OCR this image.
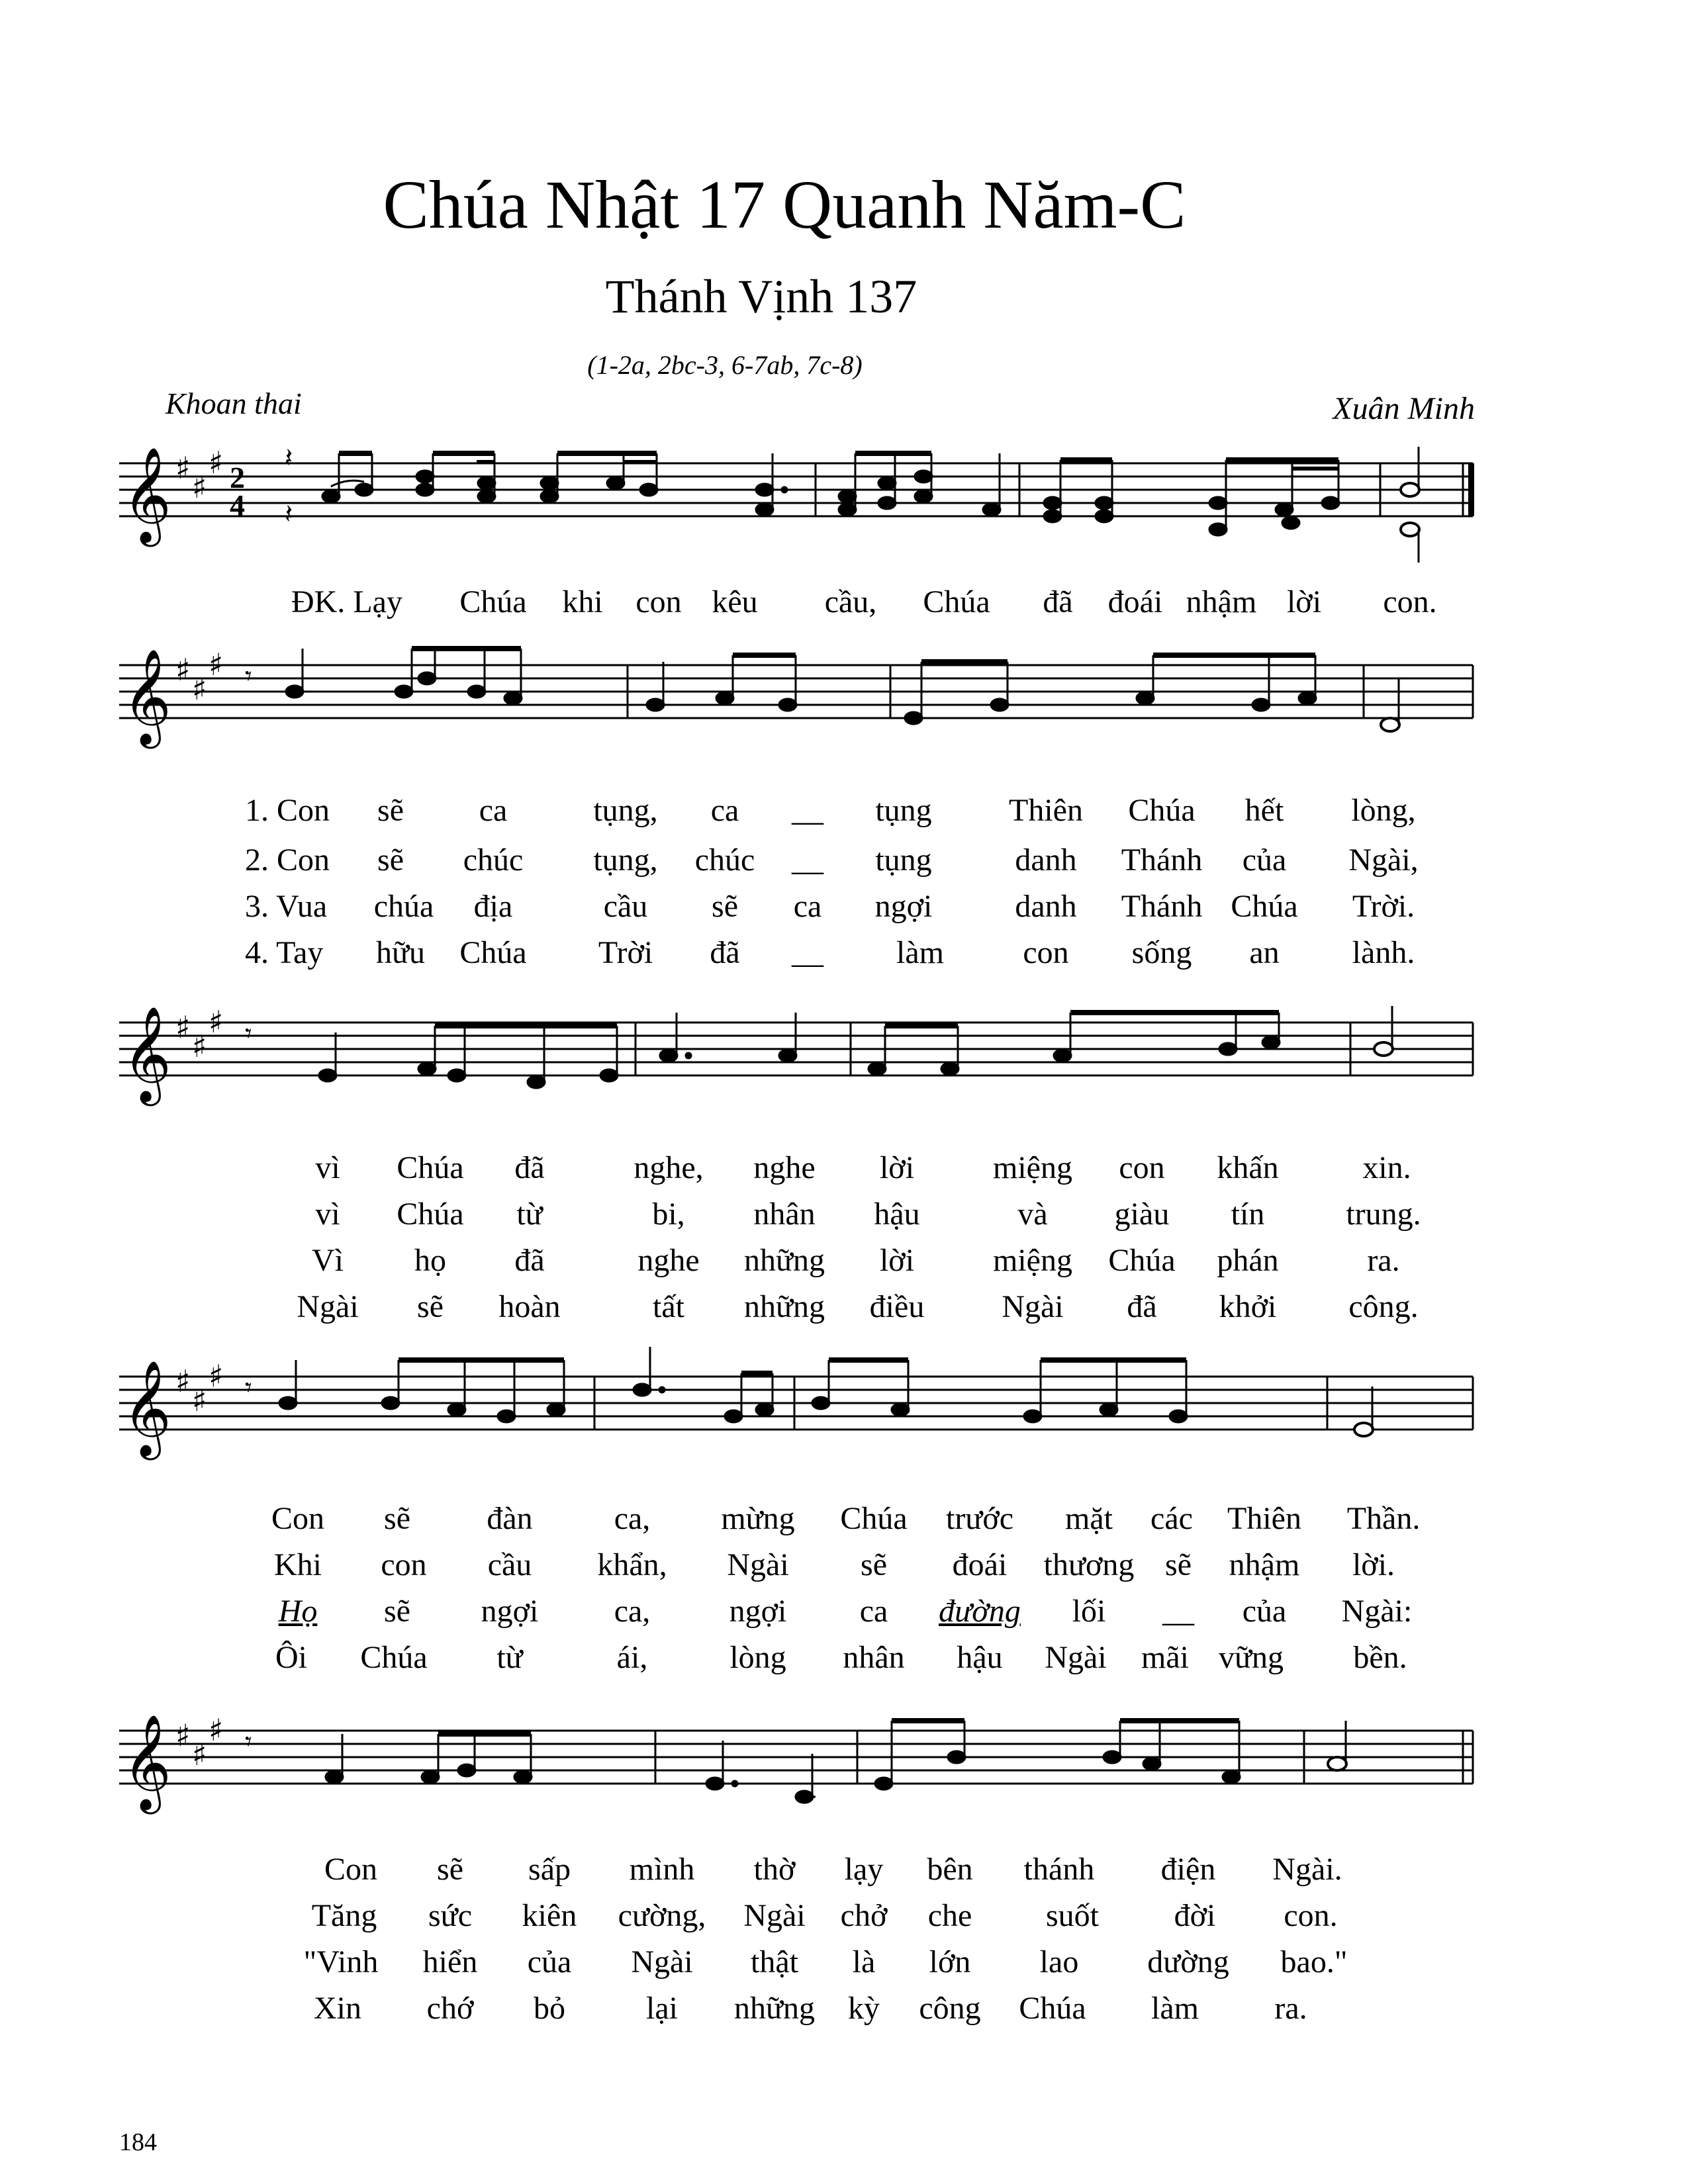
Chúa Nhật 17 Quanh Năm-C
Thánh Vịnh 137
(1-2a, 2bc-3, 6-7ab, 7c-8)
Khoan thai	Xuân Minh
𝄞 ♯
♯
♯ 2
4
𝄽
𝄽
ĐK. Lạy Chúa khi con kêu cầu, Chúa đã đoái nhậm lời con.
𝄞 ♯
♯
♯ 𝄾
1. Con sẽ ca	tụng, ca __ tụng Thiên Chúa hết lòng,
2. Con sẽ chúc tụng, chúc __ tụng	danh Thánh của Ngài,
3. Vua chúa địa	cầu sẽ ca ngợi	danh Thánh Chúa Trời.
4. Tay hữu Chúa Trời đã __ làm con sống an lành.
𝄞 ♯
♯
♯ 𝄾
vì Chúa đã	nghe, nghe lời miệng con khấn	xin.
vì Chúa từ	bi, nhân hậu	và giàu tín	trung.
Vì họ đã	nghe những lời miệng Chúa phán	ra.
Ngài sẽ hoàn	tất những điều Ngài đã khởi công.
𝄞 ♯
♯
♯ 𝄾
Con sẽ đàn	ca, mừng Chúa trước mặt các Thiên Thần.
Khi con cầu khẩn, Ngài sẽ đoái thương sẽ nhậm lời.
Họ sẽ ngợi ca, ngợi ca đường lối __ của Ngài:
Ôi Chúa từ	ái,	lòng nhân hậu Ngài mãi vững bền.
𝄞 ♯
♯
♯ 𝄾
Con sẽ sấp mình thờ lạy bên thánh điện Ngài.
Tăng sức kiên cường, Ngài chở che suốt đời con.
"Vinh hiển của Ngài thật là lớn lao dường bao."
Xin chớ bỏ	lại những kỳ công Chúa làm ra.
184
